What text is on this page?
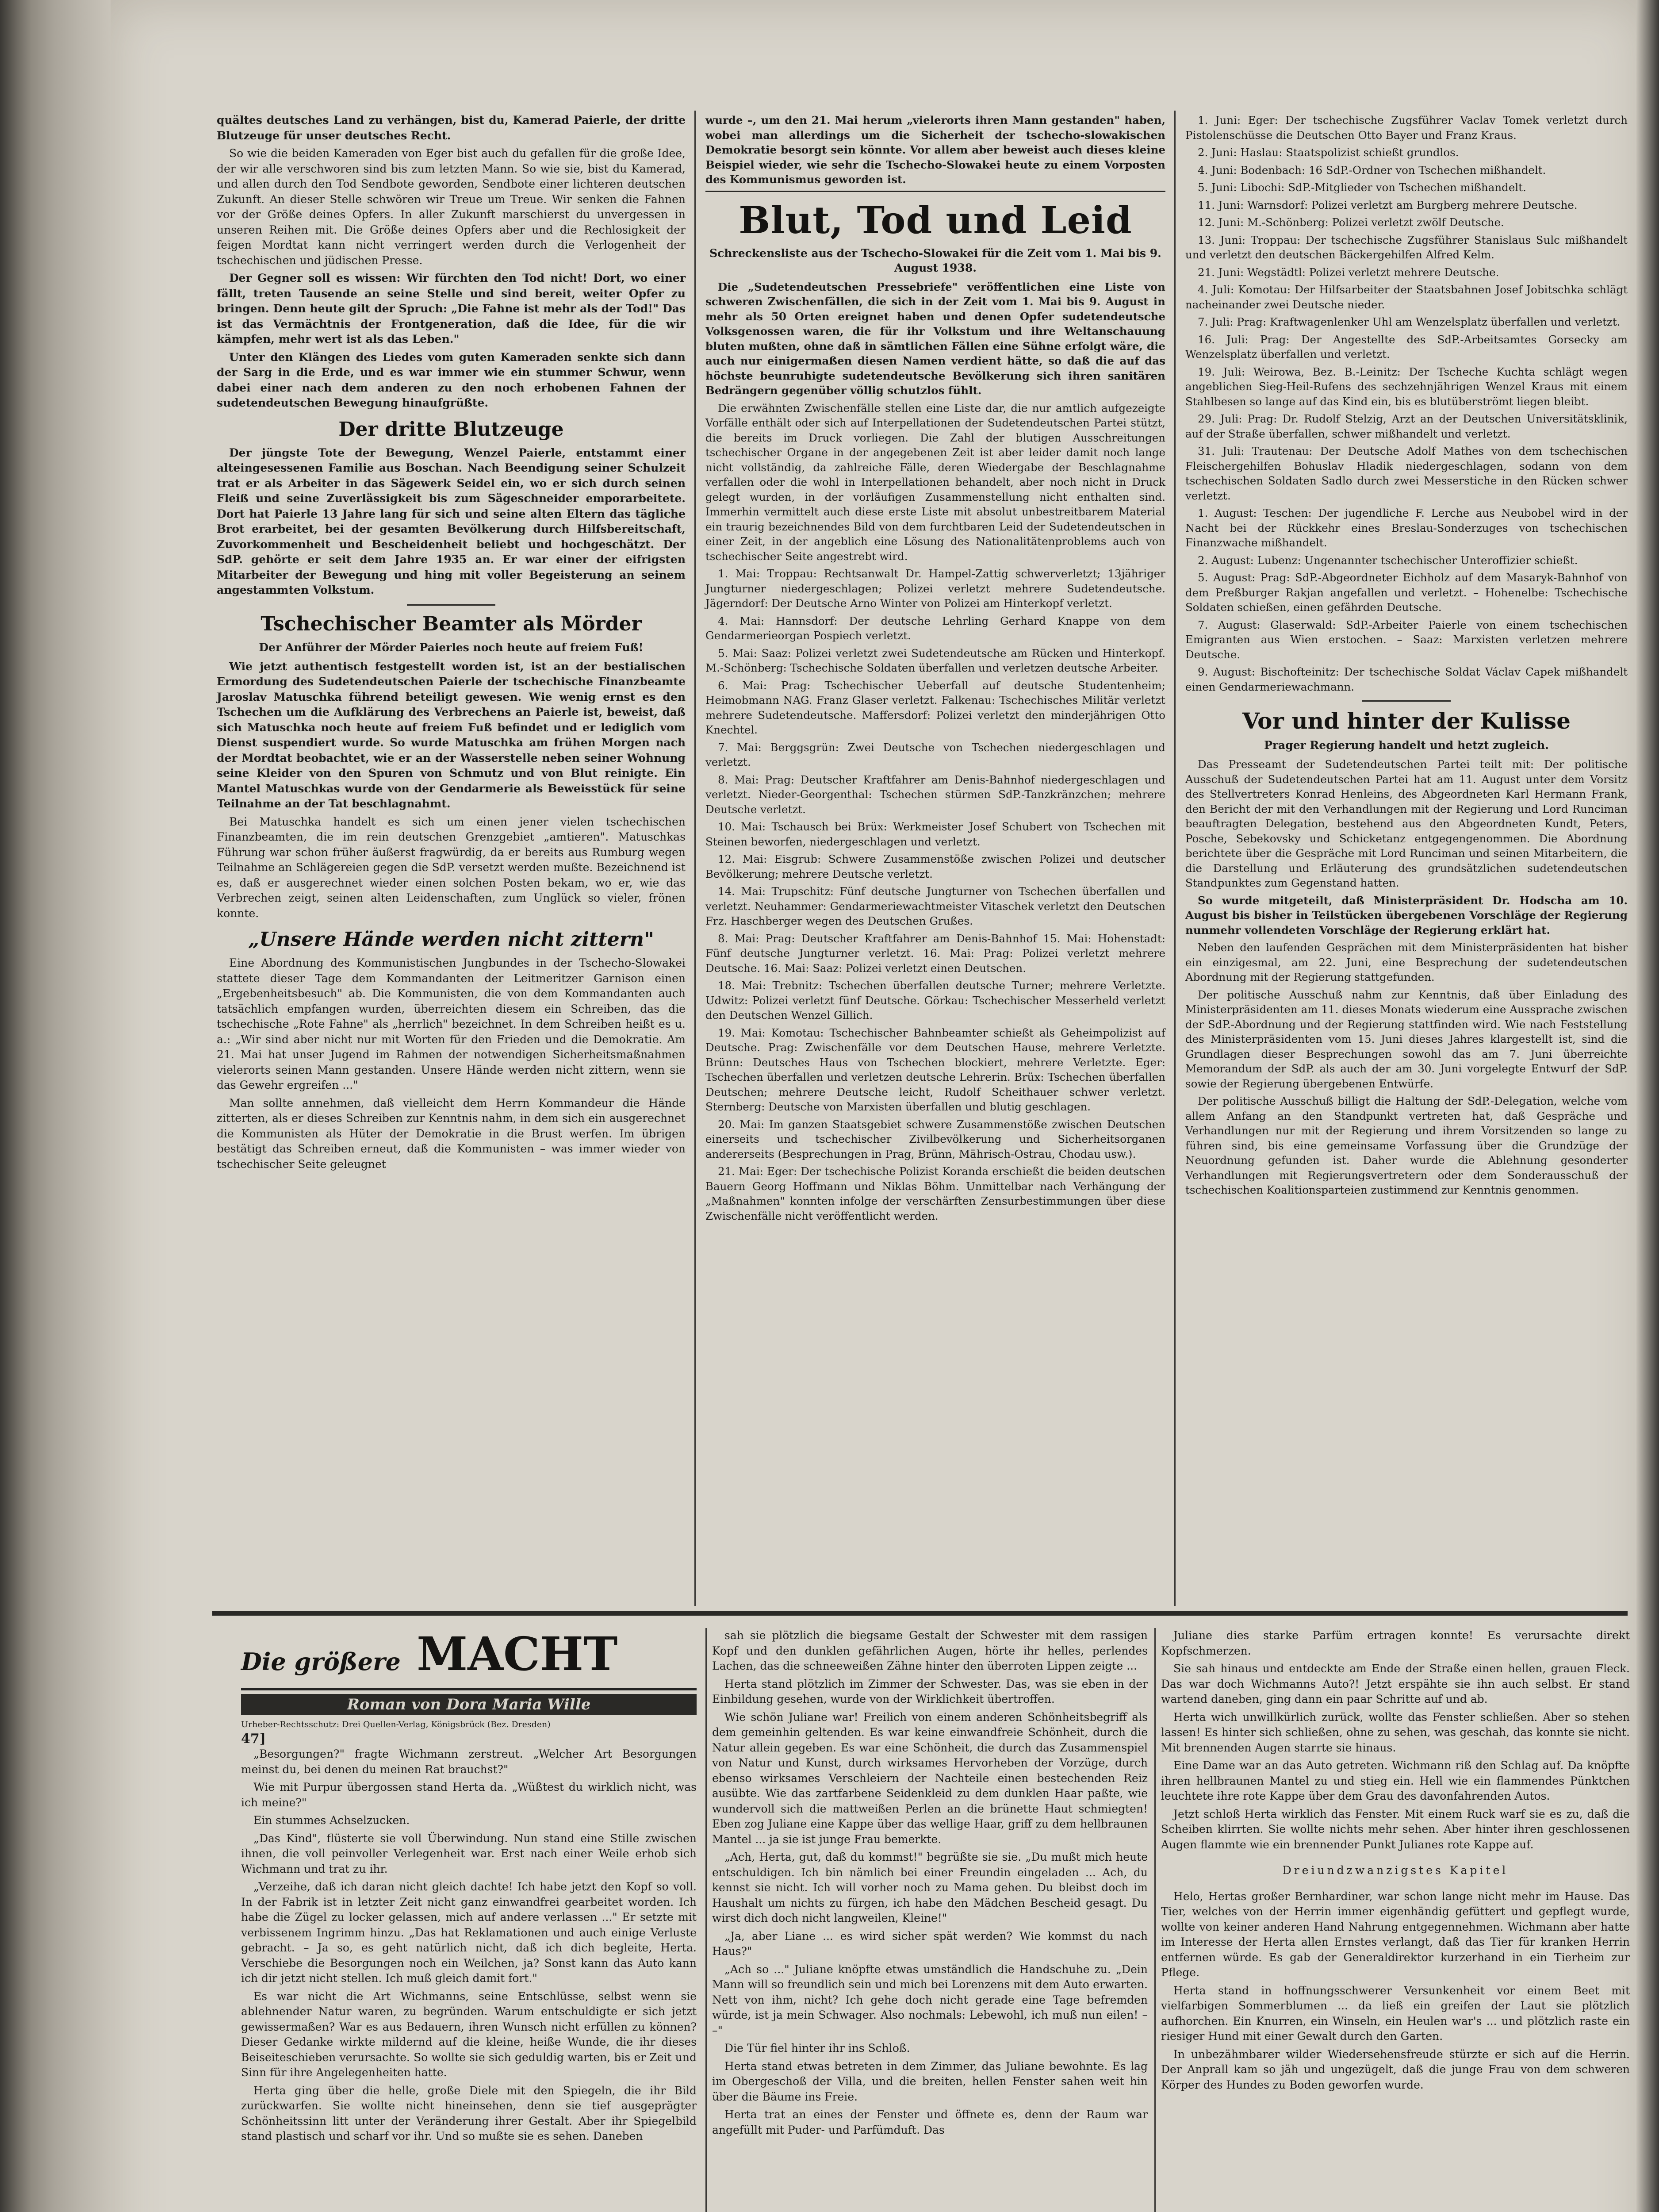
quältes deutsches Land zu verhängen, bist du, Kamerad Paierle, der dritte Blutzeuge für unser deutsches Recht.

So wie die beiden Kameraden von Eger bist auch du gefallen für die große Idee, der wir alle verschworen sind bis zum letzten Mann. So wie sie, bist du Kamerad, und allen durch den Tod Sendbote geworden, Sendbote einer lichteren deutschen Zukunft. An dieser Stelle schwören wir Treue um Treue. Wir senken die Fahnen vor der Größe deines Opfers. In aller Zukunft marschierst du unvergessen in unseren Reihen mit. Die Größe deines Opfers aber und die Rechlosigkeit der feigen Mordtat kann nicht verringert werden durch die Verlogenheit der tschechischen und jüdischen Presse.

Der Gegner soll es wissen: Wir fürchten den Tod nicht! Dort, wo einer fällt, treten Tausende an seine Stelle und sind bereit, weiter Opfer zu bringen. Denn heute gilt der Spruch: „Die Fahne ist mehr als der Tod!" Das ist das Vermächtnis der Frontgeneration, daß die Idee, für die wir kämpfen, mehr wert ist als das Leben."

Unter den Klängen des Liedes vom guten Kameraden senkte sich dann der Sarg in die Erde, und es war immer wie ein stummer Schwur, wenn dabei einer nach dem anderen zu den noch erhobenen Fahnen der sudetendeutschen Bewegung hinaufgrüßte.

Der dritte Blutzeuge

Der jüngste Tote der Bewegung, Wenzel Paierle, entstammt einer alteingesessenen Familie aus Boschan. Nach Beendigung seiner Schulzeit trat er als Arbeiter in das Sägewerk Seidel ein, wo er sich durch seinen Fleiß und seine Zuverlässigkeit bis zum Sägeschneider emporarbeitete. Dort hat Paierle 13 Jahre lang für sich und seine alten Eltern das tägliche Brot erarbeitet, bei der gesamten Bevölkerung durch Hilfsbereitschaft, Zuvorkommenheit und Bescheidenheit beliebt und hochgeschätzt. Der SdP. gehörte er seit dem Jahre 1935 an. Er war einer der eifrigsten Mitarbeiter der Bewegung und hing mit voller Begeisterung an seinem angestammten Volkstum.

Tschechischer Beamter als Mörder
Der Anführer der Mörder Paierles noch heute auf freiem Fuß!

Wie jetzt authentisch festgestellt worden ist, ist an der bestialischen Ermordung des Sudetendeutschen Paierle der tschechische Finanzbeamte Jaroslav Matuschka führend beteiligt gewesen. Wie wenig ernst es den Tschechen um die Aufklärung des Verbrechens an Paierle ist, beweist, daß sich Matuschka noch heute auf freiem Fuß befindet und er lediglich vom Dienst suspendiert wurde. So wurde Matuschka am frühen Morgen nach der Mordtat beobachtet, wie er an der Wasserstelle neben seiner Wohnung seine Kleider von den Spuren von Schmutz und von Blut reinigte. Ein Mantel Matuschkas wurde von der Gendarmerie als Beweisstück für seine Teilnahme an der Tat beschlagnahmt.

Bei Matuschka handelt es sich um einen jener vielen tschechischen Finanzbeamten, die im rein deutschen Grenzgebiet „amtieren". Matuschkas Führung war schon früher äußerst fragwürdig, da er bereits aus Rumburg wegen Teilnahme an Schlägereien gegen die SdP. versetzt werden mußte. Bezeichnend ist es, daß er ausgerechnet wieder einen solchen Posten bekam, wo er, wie das Verbrechen zeigt, seinen alten Leidenschaften, zum Unglück so vieler, frönen konnte.

„Unsere Hände werden nicht zittern"

Eine Abordnung des Kommunistischen Jungbundes in der Tschecho-Slowakei stattete dieser Tage dem Kommandanten der Leitmeritzer Garnison einen „Ergebenheitsbesuch" ab. Die Kommunisten, die von dem Kommandanten auch tatsächlich empfangen wurden, überreichten diesem ein Schreiben, das die tschechische „Rote Fahne" als „herrlich" bezeichnet. In dem Schreiben heißt es u. a.: „Wir sind aber nicht nur mit Worten für den Frieden und die Demokratie. Am 21. Mai hat unser Jugend im Rahmen der notwendigen Sicherheitsmaßnahmen vielerorts seinen Mann gestanden. Unsere Hände werden nicht zittern, wenn sie das Gewehr ergreifen ..."

Man sollte annehmen, daß vielleicht dem Herrn Kommandeur die Hände zitterten, als er dieses Schreiben zur Kenntnis nahm, in dem sich ein ausgerechnet die Kommunisten als Hüter der Demokratie in die Brust werfen. Im übrigen bestätigt das Schreiben erneut, daß die Kommunisten – was immer wieder von tschechischer Seite geleugnet

wurde –, um den 21. Mai herum „vielerorts ihren Mann gestanden" haben, wobei man allerdings um die Sicherheit der tschecho-slowakischen Demokratie besorgt sein könnte. Vor allem aber beweist auch dieses kleine Beispiel wieder, wie sehr die Tschecho-Slowakei heute zu einem Vorposten des Kommunismus geworden ist.

Blut, Tod und Leid
Schreckensliste aus der Tschecho-Slowakei für die Zeit vom 1. Mai bis 9. August 1938.

Die „Sudetendeutschen Pressebriefe" veröffentlichen eine Liste von schweren Zwischenfällen, die sich in der Zeit vom 1. Mai bis 9. August in mehr als 50 Orten ereignet haben und denen Opfer sudetendeutsche Volksgenossen waren, die für ihr Volkstum und ihre Weltanschauung bluten mußten, ohne daß in sämtlichen Fällen eine Sühne erfolgt wäre, die auch nur einigermaßen diesen Namen verdient hätte, so daß die auf das höchste beunruhigte sudetendeutsche Bevölkerung sich ihren sanitären Bedrängern gegenüber völlig schutzlos fühlt.

Die erwähnten Zwischenfälle stellen eine Liste dar, die nur amtlich aufgezeigte Vorfälle enthält oder sich auf Interpellationen der Sudetendeutschen Partei stützt, die bereits im Druck vorliegen. Die Zahl der blutigen Ausschreitungen tschechischer Organe in der angegebenen Zeit ist aber leider damit noch lange nicht vollständig, da zahlreiche Fälle, deren Wiedergabe der Beschlagnahme verfallen oder die wohl in Interpellationen behandelt, aber noch nicht in Druck gelegt wurden, in der vorläufigen Zusammenstellung nicht enthalten sind. Immerhin vermittelt auch diese erste Liste mit absolut unbestreitbarem Material ein traurig bezeichnendes Bild von dem furchtbaren Leid der Sudetendeutschen in einer Zeit, in der angeblich eine Lösung des Nationalitätenproblems auch von tschechischer Seite angestrebt wird.

1. Mai: Troppau: Rechtsanwalt Dr. Hampel-Zattig schwerverletzt; 13jähriger Jungturner niedergeschlagen; Polizei verletzt mehrere Sudetendeutsche. Jägerndorf: Der Deutsche Arno Winter von Polizei am Hinterkopf verletzt.

4. Mai: Hannsdorf: Der deutsche Lehrling Gerhard Knappe von dem Gendarmerieorgan Pospiech verletzt.

5. Mai: Saaz: Polizei verletzt zwei Sudetendeutsche am Rücken und Hinterkopf. M.-Schönberg: Tschechische Soldaten überfallen und verletzen deutsche Arbeiter.

6. Mai: Prag: Tschechischer Ueberfall auf deutsche Studentenheim; Heimobmann NAG. Franz Glaser verletzt. Falkenau: Tschechisches Militär verletzt mehrere Sudetendeutsche. Maffersdorf: Polizei verletzt den minderjährigen Otto Knechtel.

7. Mai: Berggsgrün: Zwei Deutsche von Tschechen niedergeschlagen und verletzt.

8. Mai: Prag: Deutscher Kraftfahrer am Denis-Bahnhof niedergeschlagen und verletzt. Nieder-Georgenthal: Tschechen stürmen SdP.-Tanzkränzchen; mehrere Deutsche verletzt.

10. Mai: Tschausch bei Brüx: Werkmeister Josef Schubert von Tschechen mit Steinen beworfen, niedergeschlagen und verletzt.

12. Mai: Eisgrub: Schwere Zusammenstöße zwischen Polizei und deutscher Bevölkerung; mehrere Deutsche verletzt.

14. Mai: Trupschitz: Fünf deutsche Jungturner von Tschechen überfallen und verletzt. Neuhammer: Gendarmeriewachtmeister Vitaschek verletzt den Deutschen Frz. Haschberger wegen des Deutschen Grußes.

8. Mai: Prag: Deutscher Kraftfahrer am Denis-Bahnhof 15. Mai: Hohenstadt: Fünf deutsche Jungturner verletzt. 16. Mai: Prag: Polizei verletzt mehrere Deutsche. 16. Mai: Saaz: Polizei verletzt einen Deutschen.

18. Mai: Trebnitz: Tschechen überfallen deutsche Turner; mehrere Verletzte. Udwitz: Polizei verletzt fünf Deutsche. Görkau: Tschechischer Messerheld verletzt den Deutschen Wenzel Gillich.

19. Mai: Komotau: Tschechischer Bahnbeamter schießt als Geheimpolizist auf Deutsche. Prag: Zwischenfälle vor dem Deutschen Hause, mehrere Verletzte. Brünn: Deutsches Haus von Tschechen blockiert, mehrere Verletzte. Eger: Tschechen überfallen und verletzen deutsche Lehrerin. Brüx: Tschechen überfallen Deutschen; mehrere Deutsche leicht, Rudolf Scheithauer schwer verletzt. Sternberg: Deutsche von Marxisten überfallen und blutig geschlagen.

20. Mai: Im ganzen Staatsgebiet schwere Zusammenstöße zwischen Deutschen einerseits und tschechischer Zivilbevölkerung und Sicherheitsorganen andererseits (Besprechungen in Prag, Brünn, Mährisch-Ostrau, Chodau usw.).

21. Mai: Eger: Der tschechische Polizist Koranda erschießt die beiden deutschen Bauern Georg Hoffmann und Niklas Böhm. Unmittelbar nach Verhängung der „Maßnahmen" konnten infolge der verschärften Zensurbestimmungen über diese Zwischenfälle nicht veröffentlicht werden.

1. Juni: Eger: Der tschechische Zugsführer Vaclav Tomek verletzt durch Pistolenschüsse die Deutschen Otto Bayer und Franz Kraus.

2. Juni: Haslau: Staatspolizist schießt grundlos.

4. Juni: Bodenbach: 16 SdP.-Ordner von Tschechen mißhandelt.

5. Juni: Libochi: SdP.-Mitglieder von Tschechen mißhandelt.

11. Juni: Warnsdorf: Polizei verletzt am Burgberg mehrere Deutsche.

12. Juni: M.-Schönberg: Polizei verletzt zwölf Deutsche.

13. Juni: Troppau: Der tschechische Zugsführer Stanislaus Sulc mißhandelt und verletzt den deutschen Bäckergehilfen Alfred Kelm.

21. Juni: Wegstädtl: Polizei verletzt mehrere Deutsche.

4. Juli: Komotau: Der Hilfsarbeiter der Staatsbahnen Josef Jobitschka schlägt nacheinander zwei Deutsche nieder.

7. Juli: Prag: Kraftwagenlenker Uhl am Wenzelsplatz überfallen und verletzt.

16. Juli: Prag: Der Angestellte des SdP.-Arbeitsamtes Gorsecky am Wenzelsplatz überfallen und verletzt.

19. Juli: Weirowa, Bez. B.-Leinitz: Der Tscheche Kuchta schlägt wegen angeblichen Sieg-Heil-Rufens des sechzehnjährigen Wenzel Kraus mit einem Stahlbesen so lange auf das Kind ein, bis es blutüberströmt liegen bleibt.

29. Juli: Prag: Dr. Rudolf Stelzig, Arzt an der Deutschen Universitätsklinik, auf der Straße überfallen, schwer mißhandelt und verletzt.

31. Juli: Trautenau: Der Deutsche Adolf Mathes von dem tschechischen Fleischergehilfen Bohuslav Hladik niedergeschlagen, sodann von dem tschechischen Soldaten Sadlo durch zwei Messerstiche in den Rücken schwer verletzt.

1. August: Teschen: Der jugendliche F. Lerche aus Neubobel wird in der Nacht bei der Rückkehr eines Breslau-Sonderzuges von tschechischen Finanzwache mißhandelt.

2. August: Lubenz: Ungenannter tschechischer Unteroffizier schießt.

5. August: Prag: SdP.-Abgeordneter Eichholz auf dem Masaryk-Bahnhof von dem Preßburger Rakjan angefallen und verletzt. – Hohenelbe: Tschechische Soldaten schießen, einen gefährden Deutsche.

7. August: Glaserwald: SdP.-Arbeiter Paierle von einem tschechischen Emigranten aus Wien erstochen. – Saaz: Marxisten verletzen mehrere Deutsche.

9. August: Bischofteinitz: Der tschechische Soldat Václav Capek mißhandelt einen Gendarmeriewachmann.

Vor und hinter der Kulisse
Prager Regierung handelt und hetzt zugleich.

Das Presseamt der Sudetendeutschen Partei teilt mit: Der politische Ausschuß der Sudetendeutschen Partei hat am 11. August unter dem Vorsitz des Stellvertreters Konrad Henleins, des Abgeordneten Karl Hermann Frank, den Bericht der mit den Verhandlungen mit der Regierung und Lord Runciman beauftragten Delegation, bestehend aus den Abgeordneten Kundt, Peters, Posche, Sebekovsky und Schicketanz entgegengenommen. Die Abordnung berichtete über die Gespräche mit Lord Runciman und seinen Mitarbeitern, die die Darstellung und Erläuterung des grundsätzlichen sudetendeutschen Standpunktes zum Gegenstand hatten.

So wurde mitgeteilt, daß Ministerpräsident Dr. Hodscha am 10. August bis bisher in Teilstücken übergebenen Vorschläge der Regierung nunmehr vollendeten Vorschläge der Regierung erklärt hat.

Neben den laufenden Gesprächen mit dem Ministerpräsidenten hat bisher ein einzigesmal, am 22. Juni, eine Besprechung der sudetendeutschen Abordnung mit der Regierung stattgefunden.

Der politische Ausschuß nahm zur Kenntnis, daß über Einladung des Ministerpräsidenten am 11. dieses Monats wiederum eine Aussprache zwischen der SdP.-Abordnung und der Regierung stattfinden wird. Wie nach Feststellung des Ministerpräsidenten vom 15. Juni dieses Jahres klargestellt ist, sind die Grundlagen dieser Besprechungen sowohl das am 7. Juni überreichte Memorandum der SdP. als auch der am 30. Juni vorgelegte Entwurf der SdP. sowie der Regierung übergebenen Entwürfe.

Der politische Ausschuß billigt die Haltung der SdP.-Delegation, welche vom allem Anfang an den Standpunkt vertreten hat, daß Gespräche und Verhandlungen nur mit der Regierung und ihrem Vorsitzenden so lange zu führen sind, bis eine gemeinsame Vorfassung über die Grundzüge der Neuordnung gefunden ist. Daher wurde die Ablehnung gesonderter Verhandlungen mit Regierungsvertretern oder dem Sonderausschuß der tschechischen Koalitionsparteien zustimmend zur Kenntnis genommen.

Die größere MACHT
Roman von Dora Maria Wille
Urheber-Rechtsschutz: Drei Quellen-Verlag, Königsbrück (Bez. Dresden)
47]

„Besorgungen?" fragte Wichmann zerstreut. „Welcher Art Besorgungen meinst du, bei denen du meinen Rat brauchst?"

Wie mit Purpur übergossen stand Herta da. „Wüßtest du wirklich nicht, was ich meine?"

Ein stummes Achselzucken.

„Das Kind", flüsterte sie voll Überwindung. Nun stand eine Stille zwischen ihnen, die voll peinvoller Verlegenheit war. Erst nach einer Weile erhob sich Wichmann und trat zu ihr.

„Verzeihe, daß ich daran nicht gleich dachte! Ich habe jetzt den Kopf so voll. In der Fabrik ist in letzter Zeit nicht ganz einwandfrei gearbeitet worden. Ich habe die Zügel zu locker gelassen, mich auf andere verlassen ..." Er setzte mit verbissenem Ingrimm hinzu. „Das hat Reklamationen und auch einige Verluste gebracht. – Ja so, es geht natürlich nicht, daß ich dich begleite, Herta. Verschiebe die Besorgungen noch ein Weilchen, ja? Sonst kann das Auto kann ich dir jetzt nicht stellen. Ich muß gleich damit fort."

Es war nicht die Art Wichmanns, seine Entschlüsse, selbst wenn sie ablehnender Natur waren, zu begründen. Warum entschuldigte er sich jetzt gewissermaßen? War es aus Bedauern, ihren Wunsch nicht erfüllen zu können? Dieser Gedanke wirkte mildernd auf die kleine, heiße Wunde, die ihr dieses Beiseiteschieben verursachte. So wollte sie sich geduldig warten, bis er Zeit und Sinn für ihre Angelegenheiten hatte.

Herta ging über die helle, große Diele mit den Spiegeln, die ihr Bild zurückwarfen. Sie wollte nicht hineinsehen, denn sie tief ausgeprägter Schönheitssinn litt unter der Veränderung ihrer Gestalt. Aber ihr Spiegelbild stand plastisch und scharf vor ihr. Und so mußte sie es sehen. Daneben

sah sie plötzlich die biegsame Gestalt der Schwester mit dem rassigen Kopf und den dunklen gefährlichen Augen, hörte ihr helles, perlendes Lachen, das die schneeweißen Zähne hinter den überroten Lippen zeigte ...

Herta stand plötzlich im Zimmer der Schwester. Das, was sie eben in der Einbildung gesehen, wurde von der Wirklichkeit übertroffen.

Wie schön Juliane war! Freilich von einem anderen Schönheitsbegriff als dem gemeinhin geltenden. Es war keine einwandfreie Schönheit, durch die Natur allein gegeben. Es war eine Schönheit, die durch das Zusammenspiel von Natur und Kunst, durch wirksames Hervorheben der Vorzüge, durch ebenso wirksames Verschleiern der Nachteile einen bestechenden Reiz ausübte. Wie das zartfarbene Seidenkleid zu dem dunklen Haar paßte, wie wundervoll sich die mattweißen Perlen an die brünette Haut schmiegten! Eben zog Juliane eine Kappe über das wellige Haar, griff zu dem hellbraunen Mantel ... ja sie ist junge Frau bemerkte.

„Ach, Herta, gut, daß du kommst!" begrüßte sie sie. „Du mußt mich heute entschuldigen. Ich bin nämlich bei einer Freundin eingeladen ... Ach, du kennst sie nicht. Ich will vorher noch zu Mama gehen. Du bleibst doch im Haushalt um nichts zu fürgen, ich habe den Mädchen Bescheid gesagt. Du wirst dich doch nicht langweilen, Kleine!"

„Ja, aber Liane ... es wird sicher spät werden? Wie kommst du nach Haus?"

„Ach so ..." Juliane knöpfte etwas umständlich die Handschuhe zu. „Dein Mann will so freundlich sein und mich bei Lorenzens mit dem Auto erwarten. Nett von ihm, nicht? Ich gehe doch nicht gerade eine Tage befremden würde, ist ja mein Schwager. Also nochmals: Lebewohl, ich muß nun eilen! – –"

Die Tür fiel hinter ihr ins Schloß.

Herta stand etwas betreten in dem Zimmer, das Juliane bewohnte. Es lag im Obergeschoß der Villa, und die breiten, hellen Fenster sahen weit hin über die Bäume ins Freie.

Herta trat an eines der Fenster und öffnete es, denn der Raum war angefüllt mit Puder- und Parfümduft. Das

Juliane dies starke Parfüm ertragen konnte! Es verursachte direkt Kopfschmerzen.

Sie sah hinaus und entdeckte am Ende der Straße einen hellen, grauen Fleck. Das war doch Wichmanns Auto?! Jetzt erspähte sie ihn auch selbst. Er stand wartend daneben, ging dann ein paar Schritte auf und ab.

Herta wich unwillkürlich zurück, wollte das Fenster schließen. Aber so stehen lassen! Es hinter sich schließen, ohne zu sehen, was geschah, das konnte sie nicht. Mit brennenden Augen starrte sie hinaus.

Eine Dame war an das Auto getreten. Wichmann riß den Schlag auf. Da knöpfte ihren hellbraunen Mantel zu und stieg ein. Hell wie ein flammendes Pünktchen leuchtete ihre rote Kappe über dem Grau des davonfahrenden Autos.

Jetzt schloß Herta wirklich das Fenster. Mit einem Ruck warf sie es zu, daß die Scheiben klirrten. Sie wollte nichts mehr sehen. Aber hinter ihren geschlossenen Augen flammte wie ein brennender Punkt Julianes rote Kappe auf.

Dreiundzwanzigstes Kapitel

Helo, Hertas großer Bernhardiner, war schon lange nicht mehr im Hause. Das Tier, welches von der Herrin immer eigenhändig gefüttert und gepflegt wurde, wollte von keiner anderen Hand Nahrung entgegennehmen. Wichmann aber hatte im Interesse der Herta allen Ernstes verlangt, daß das Tier für kranken Herrin entfernen würde. Es gab der Generaldirektor kurzerhand in ein Tierheim zur Pflege.

Herta stand in hoffnungsschwerer Versunkenheit vor einem Beet mit vielfarbigen Sommerblumen ... da ließ ein greifen der Laut sie plötzlich aufhorchen. Ein Knurren, ein Winseln, ein Heulen war's ... und plötzlich raste ein riesiger Hund mit einer Gewalt durch den Garten.

In unbezähmbarer wilder Wiedersehensfreude stürzte er sich auf die Herrin. Der Anprall kam so jäh und ungezügelt, daß die junge Frau von dem schweren Körper des Hundes zu Boden geworfen wurde.
